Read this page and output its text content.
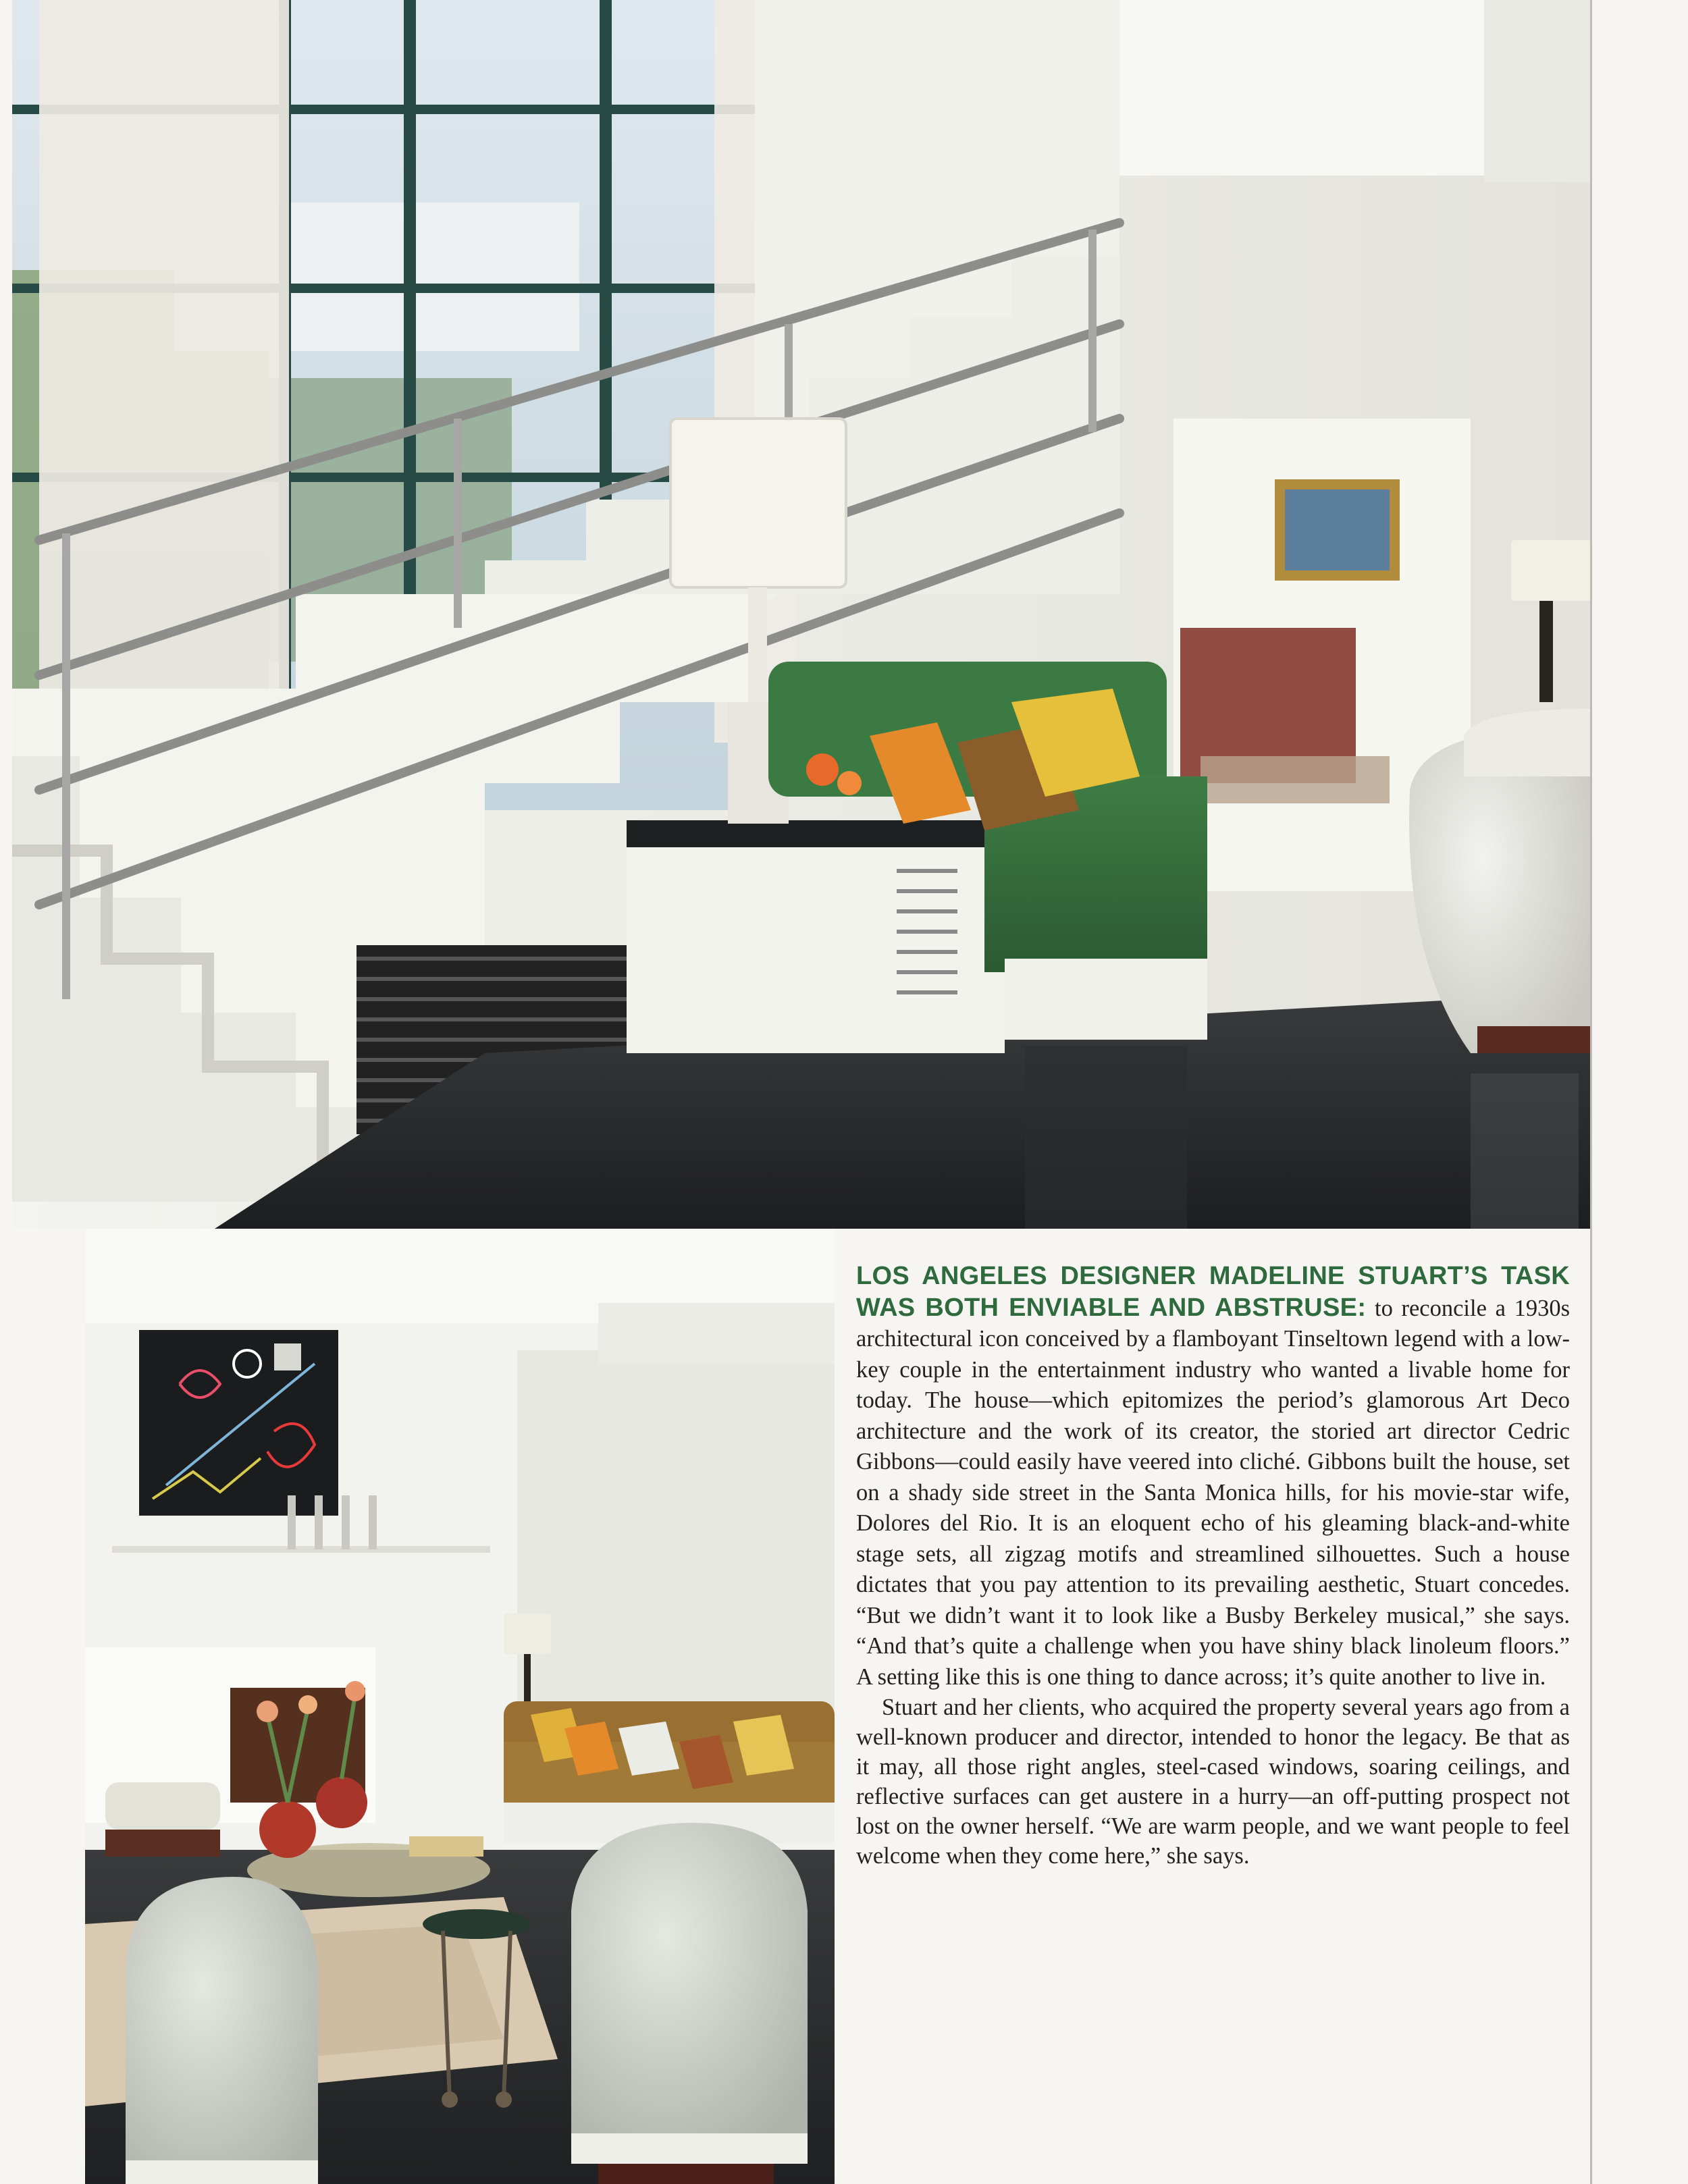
LOS ANGELES DESIGNER MADELINE STUART’S TASK WAS BOTH ENVIABLE AND ABSTRUSE: to reconcile a 1930s architectural icon conceived by a flamboyant Tinseltown legend with a low-key couple in the entertainment industry who wanted a livable home for today. The house—which epitomizes the period’s glamorous Art Deco architecture and the work of its creator, the storied art director Cedric Gibbons—could easily have veered into cliché. Gibbons built the house, set on a shady side street in the Santa Monica hills, for his movie-star wife, Dolores del Rio. It is an eloquent echo of his gleaming black-and-white stage sets, all zigzag motifs and streamlined silhouettes. Such a house dictates that you pay attention to its prevailing aesthetic, Stuart concedes. “But we didn’t want it to look like a Busby Berkeley musical,” she says. “And that’s quite a challenge when you have shiny black linoleum floors.” A setting like this is one thing to dance across; it’s quite another to live in.

Stuart and her clients, who acquired the property several years ago from a well-known producer and director, intended to honor the legacy. Be that as it may, all those right angles, steel-cased windows, soaring ceilings, and reflective surfaces can get austere in a hurry—an off-putting prospect not lost on the owner herself. “We are warm people, and we want people to feel welcome when they come here,” she says.
